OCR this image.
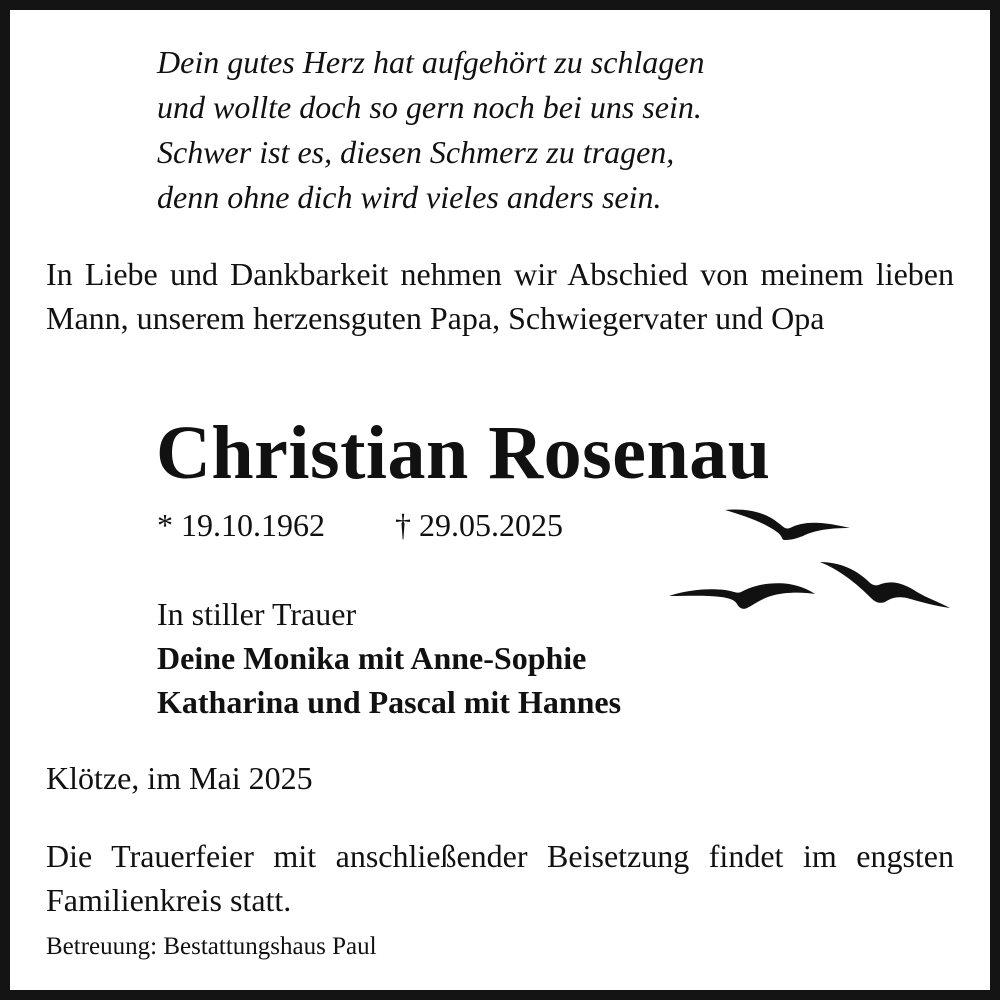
Dein gutes Herz hat aufgehört zu schlagen
und wollte doch so gern noch bei uns sein.
Schwer ist es, diesen Schmerz zu tragen,
denn ohne dich wird vieles anders sein.
In Liebe und Dankbarkeit nehmen wir Abschied von meinem lieben Mann, unserem herzensguten Papa, Schwiegervater und Opa
Christian Rosenau
* 19.10.1962 † 29.05.2025
In stiller Trauer
Deine Monika mit Anne-Sophie
Katharina und Pascal mit Hannes
Klötze, im Mai 2025
Die Trauerfeier mit anschließender Beisetzung findet im engsten Familienkreis statt.
Betreuung: Bestattungshaus Paul
